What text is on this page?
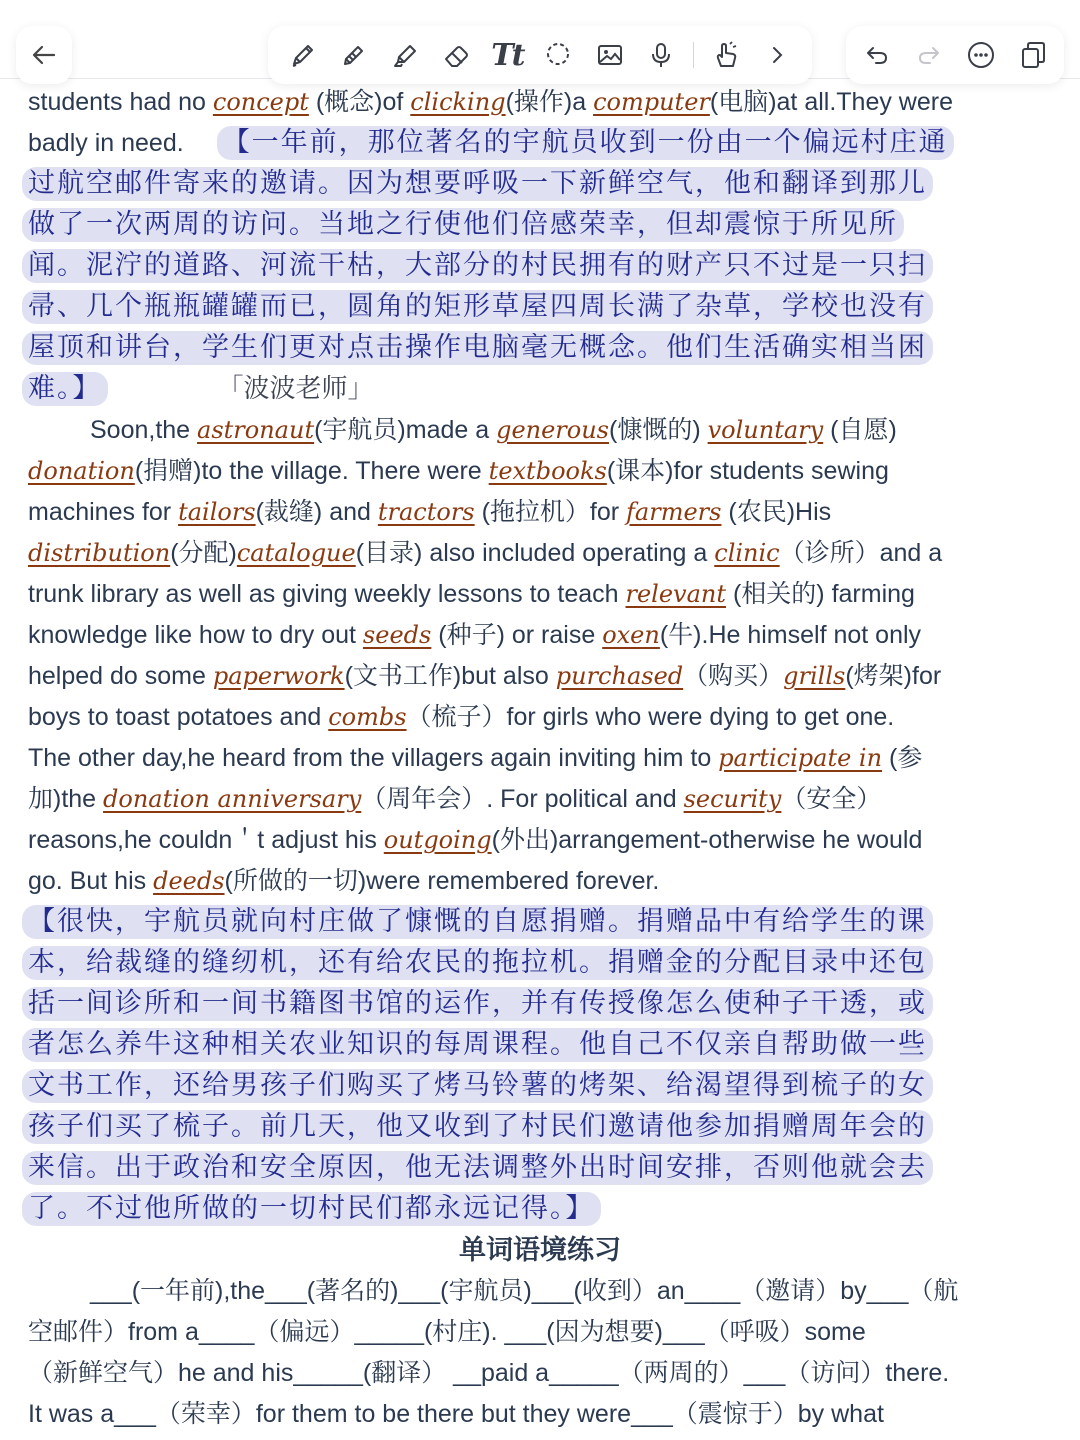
Tt
students had no concept (概念)of clicking(操作)a computer(电脑)at all.They were
badly in need. 【一年前，那位著名的宇航员收到一份由一个偏远村庄通
过航空邮件寄来的邀请。因为想要呼吸一下新鲜空气，他和翻译到那儿
做了一次两周的访问。当地之行使他们倍感荣幸，但却震惊于所见所
闻。泥泞的道路、河流干枯，大部分的村民拥有的财产只不过是一只扫
帚、几个瓶瓶罐罐而已，圆角的矩形草屋四周长满了杂草，学校也没有
屋顶和讲台，学生们更对点击操作电脑毫无概念。他们生活确实相当困
难。】	「波波老师」
Soon,the astronaut(宇航员)made a generous(慷慨的) voluntary (自愿)
donation(捐赠)to the village. There were textbooks(课本)for students sewing
machines for tailors(裁缝) and tractors (拖拉机）for farmers (农民)His
distribution(分配)catalogue(目录) also included operating a clinic（诊所）and a
trunk library as well as giving weekly lessons to teach relevant (相关的) farming
knowledge like how to dry out seeds (种子) or raise oxen(牛).He himself not only
helped do some paperwork(文书工作)but also purchased（购买）grills(烤架)for
boys to toast potatoes and combs（梳子）for girls who were dying to get one.
The other day,he heard from the villagers again inviting him to participate in (参
加)the donation anniversary（周年会）. For political and security（安全）
reasons,he couldn＇t adjust his outgoing(外出)arrangement-otherwise he would
go. But his deeds(所做的一切)were remembered forever.
【很快，宇航员就向村庄做了慷慨的自愿捐赠。捐赠品中有给学生的课
本，给裁缝的缝纫机，还有给农民的拖拉机。捐赠金的分配目录中还包
括一间诊所和一间书籍图书馆的运作，并有传授像怎么使种子干透，或
者怎么养牛这种相关农业知识的每周课程。他自己不仅亲自帮助做一些
文书工作，还给男孩子们购买了烤马铃薯的烤架、给渴望得到梳子的女
孩子们买了梳子。前几天，他又收到了村民们邀请他参加捐赠周年会的
来信。出于政治和安全原因，他无法调整外出时间安排，否则他就会去
了。不过他所做的一切村民们都永远记得。】
单词语境练习
___(一年前),the___(著名的)___(宇航员)___(收到）an____（邀请）by___（航
空邮件）from a____（偏远）_____(村庄). ___(因为想要)___（呼吸）some
（新鲜空气）he and his_____(翻译） __paid a_____（两周的）___（访问）there.
It was a___（荣幸）for them to be there but they were___（震惊于）by what
